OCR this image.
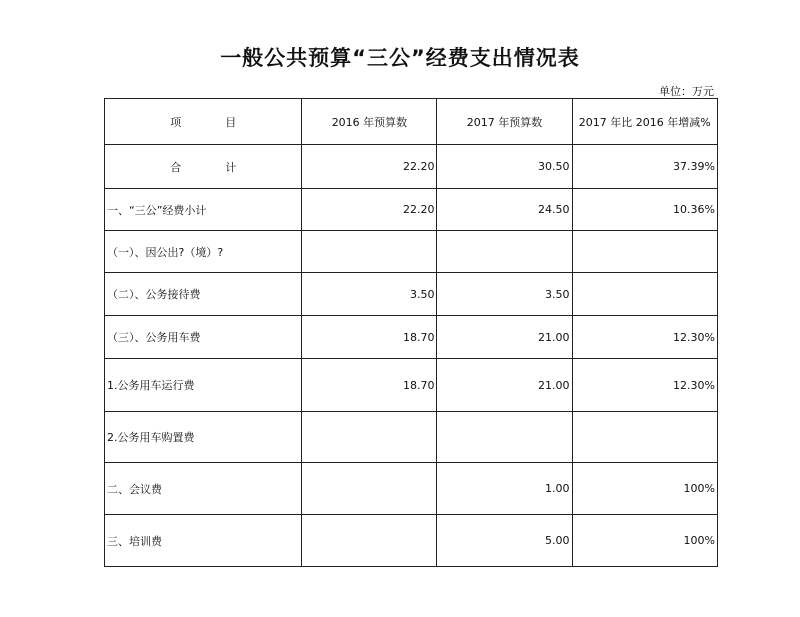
一般公共预算“三公”经费支出情况表
单位：万元
项　　　　目	2016 年预算数	2017 年预算数	2017 年比 2016 年增减%
合　　　　计	22.20	30.50	37.39%
一、“三公”经费小计	22.20	24.50	10.36%
（一）、因公出?（境）?			
（二）、公务接待费	3.50	3.50	
（三）、公务用车费	18.70	21.00	12.30%
1.公务用车运行费	18.70	21.00	12.30%
2.公务用车购置费			
二、会议费		1.00	100%
三、培训费		5.00	100%
